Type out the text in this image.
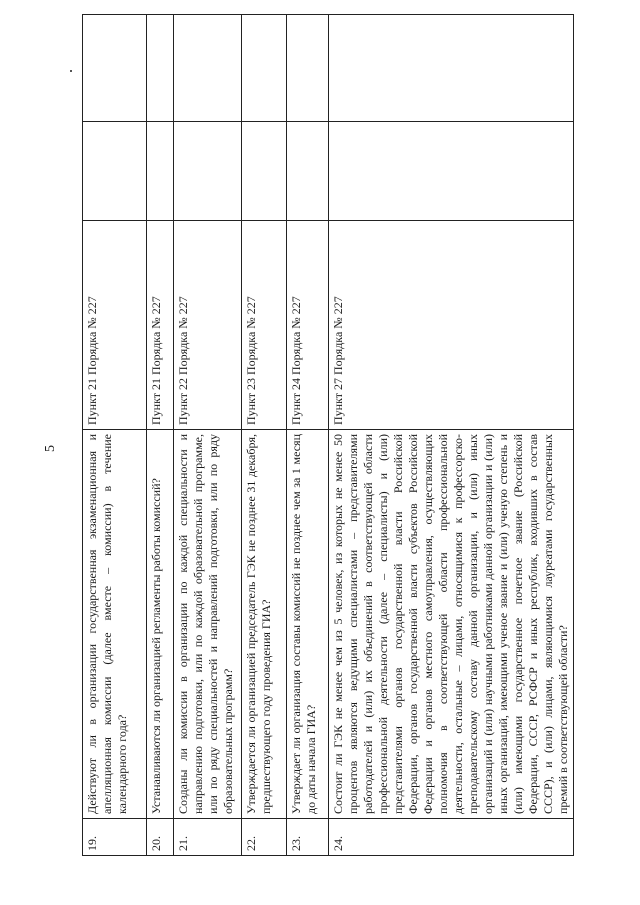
5
19.	Действуют ли в организации государственная экзаменационная и апелляционная комиссии (далее вместе – комиссии) в течение календарного года?	Пункт 21 Порядка № 227		
20.	Устанавливаются ли организацией регламенты работы комиссий?	Пункт 21 Порядка № 227		
21.	Созданы ли комиссии в организации по каждой специальности и направлению подготовки, или по каждой образовательной программе, или по ряду специальностей и направлений подготовки, или по ряду образовательных программ?	Пункт 22 Порядка № 227		
22.	Утверждается ли организацией председатель ГЭК не позднее 31 декабря, предшествующего году проведения ГИА?	Пункт 23 Порядка № 227		
23.	Утверждает ли организация составы комиссий не позднее чем за 1 месяц до даты начала ГИА?	Пункт 24 Порядка № 227		
24.	Состоит ли ГЭК не менее чем из 5 человек, из которых не менее 50 процентов являются ведущими специалистами – представителями работодателей и (или) их объединений в соответствующей области профессиональной деятельности (далее – специалисты) и (или) представителями органов государственной власти Российской Федерации, органов государственной власти субъектов Российской Федерации и органов местного самоуправления, осуществляющих полномочия в соответствующей области профессиональной деятельности, остальные – лицами, относящимися к профессорско-преподавательскому составу данной организации, и (или) иных организаций и (или) научными работниками данной организации и (или) иных организаций, имеющими ученое звание и (или) ученую степень и (или) имеющими государственное почетное звание (Российской Федерации, СССР, РСФСР и иных республик, входивших в состав СССР), и (или) лицами, являющимися лауреатами государственных премий в соответствующей области?	Пункт 27 Порядка № 227		
